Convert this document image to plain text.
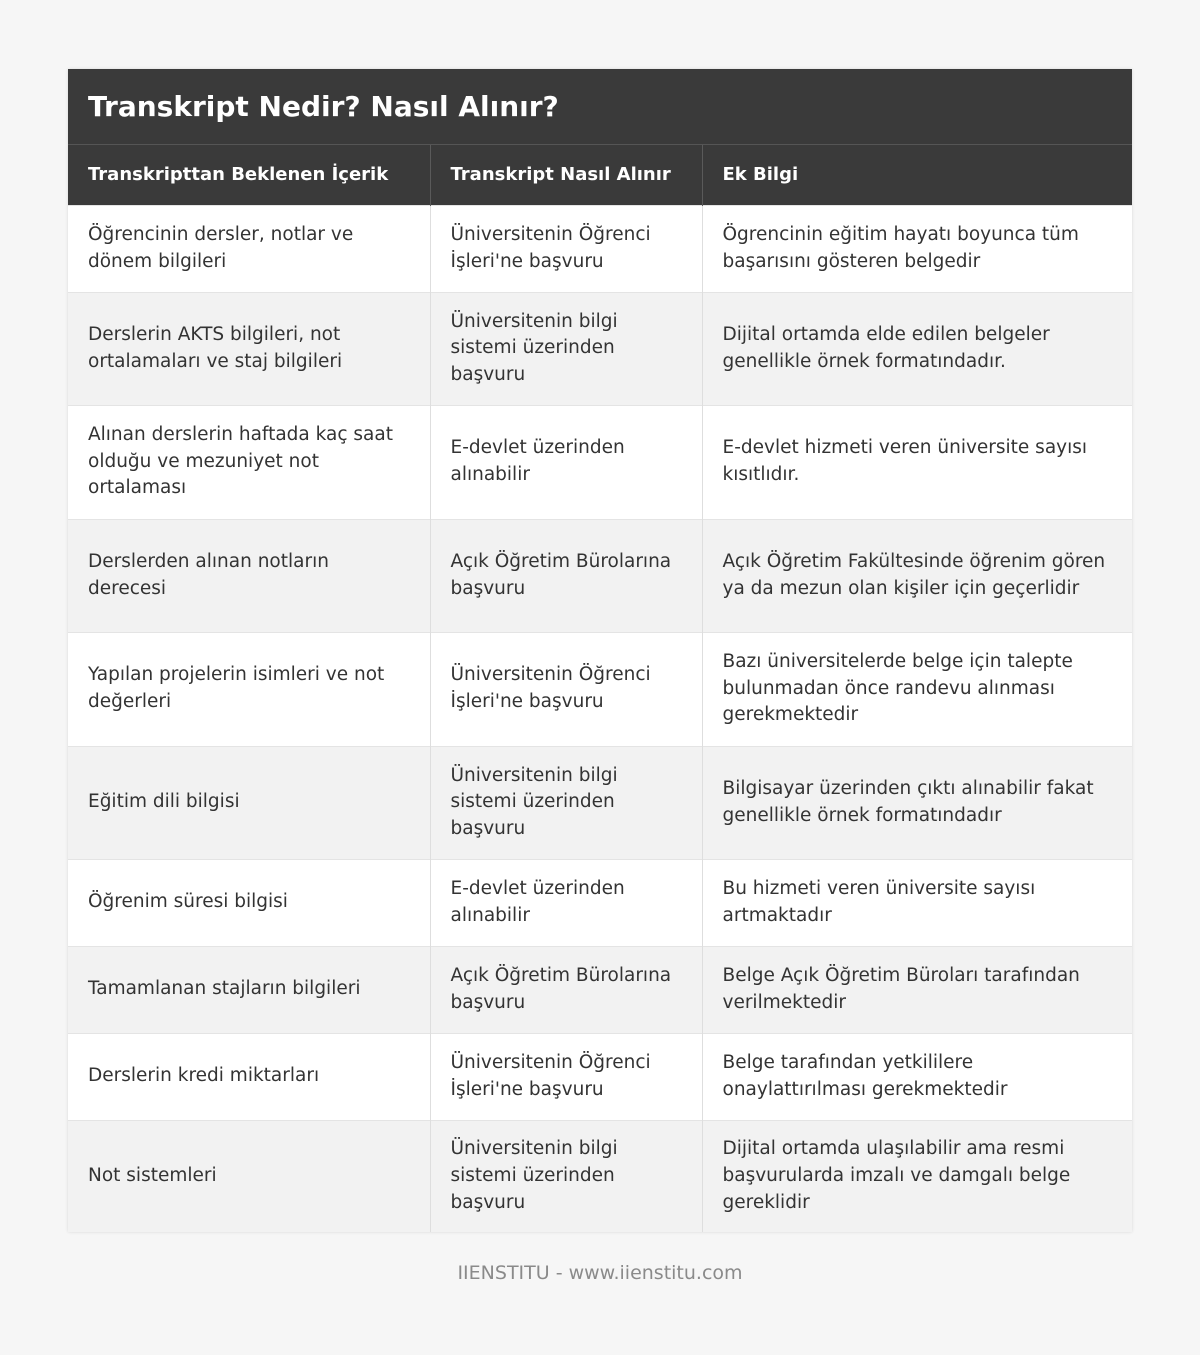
Transkript Nedir? Nasıl Alınır?
Transkripttan Beklenen İçerik	Transkript Nasıl Alınır	Ek Bilgi
Öğrencinin dersler, notlar ve dönem bilgileri	Üniversitenin Öğrenci İşleri'ne başvuru	Ögrencinin eğitim hayatı boyunca tüm başarısını gösteren belgedir
Derslerin AKTS bilgileri, not ortalamaları ve staj bilgileri	Üniversitenin bilgi sistemi üzerinden başvuru	Dijital ortamda elde edilen belgeler genellikle örnek formatındadır.
Alınan derslerin haftada kaç saat olduğu ve mezuniyet not ortalaması	E-devlet üzerinden alınabilir	E-devlet hizmeti veren üniversite sayısı kısıtlıdır.
Derslerden alınan notların derecesi	Açık Öğretim Bürolarına başvuru	Açık Öğretim Fakültesinde öğrenim gören ya da mezun olan kişiler için geçerlidir
Yapılan projelerin isimleri ve not değerleri	Üniversitenin Öğrenci İşleri'ne başvuru	Bazı üniversitelerde belge için talepte bulunmadan önce randevu alınması gerekmektedir
Eğitim dili bilgisi	Üniversitenin bilgi sistemi üzerinden başvuru	Bilgisayar üzerinden çıktı alınabilir fakat genellikle örnek formatındadır
Öğrenim süresi bilgisi	E-devlet üzerinden alınabilir	Bu hizmeti veren üniversite sayısı artmaktadır
Tamamlanan stajların bilgileri	Açık Öğretim Bürolarına başvuru	Belge Açık Öğretim Büroları tarafından verilmektedir
Derslerin kredi miktarları	Üniversitenin Öğrenci İşleri'ne başvuru	Belge tarafından yetkililere onaylattırılması gerekmektedir
Not sistemleri	Üniversitenin bilgi sistemi üzerinden başvuru	Dijital ortamda ulaşılabilir ama resmi başvurularda imzalı ve damgalı belge gereklidir
IIENSTITU - www.iienstitu.com
